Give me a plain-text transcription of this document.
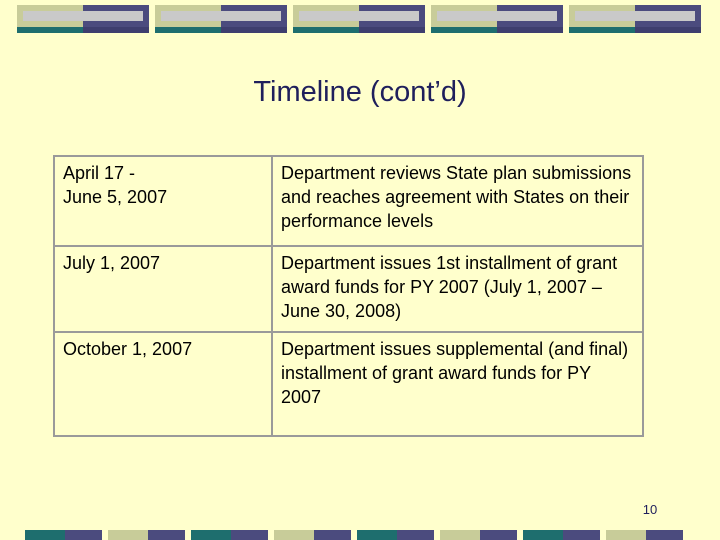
Timeline (cont’d)
April 17 -
June 5, 2007	Department reviews State plan submissions and reaches agreement with States on their performance levels

July 1, 2007	Department issues 1st installment of grant award funds for PY 2007 (July 1, 2007 – June 30, 2008)

October 1, 2007	Department issues supplemental (and final) installment of grant award funds for PY 2007
10
